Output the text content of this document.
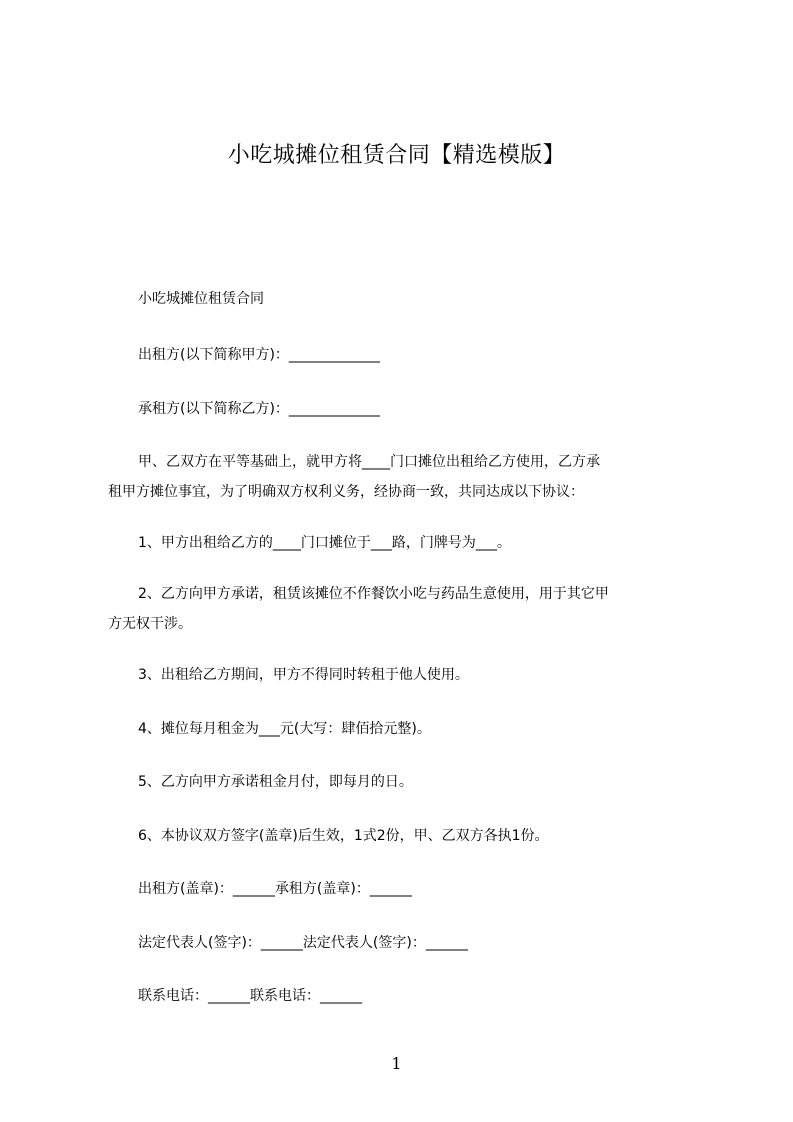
小吃城摊位租赁合同【精选模版】
小吃城摊位租赁合同
出租方(以下简称甲方)：_____________
承租方(以下简称乙方)：_____________
甲、乙双方在平等基础上，就甲方将____门口摊位出租给乙方使用，乙方承租甲方摊位事宜，为了明确双方权利义务，经协商一致，共同达成以下协议：
1、甲方出租给乙方的____门口摊位于___路，门牌号为___。
2、乙方向甲方承诺，租赁该摊位不作餐饮小吃与药品生意使用，用于其它甲方无权干涉。
3、出租给乙方期间，甲方不得同时转租于他人使用。
4、摊位每月租金为___元(大写：肆佰拾元整)。
5、乙方向甲方承诺租金月付，即每月的日。
6、本协议双方签字(盖章)后生效，1式2份，甲、乙双方各执1份。
出租方(盖章)：______承租方(盖章)：______
法定代表人(签字)：______法定代表人(签字)：______
联系电话：______联系电话：______
1
